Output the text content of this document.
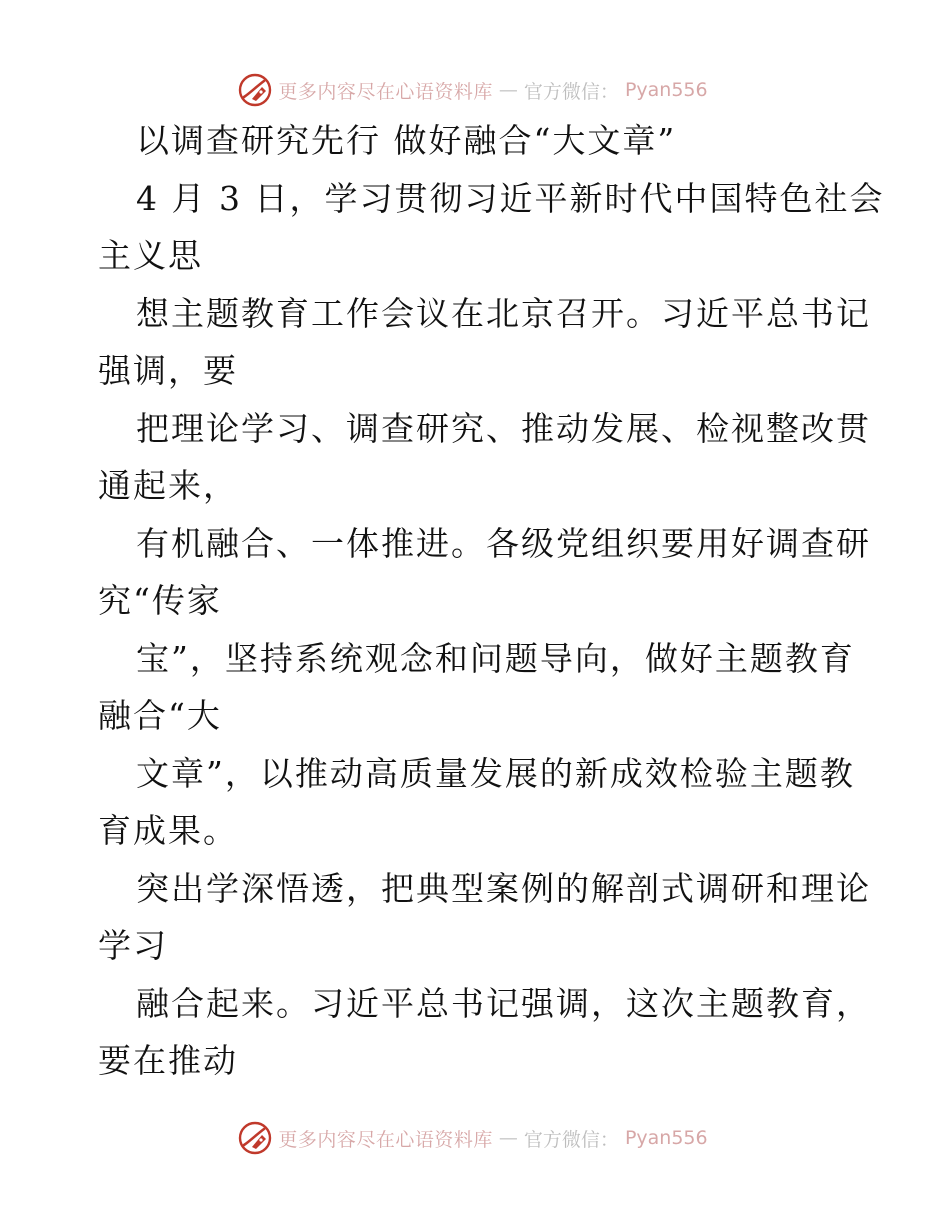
更多内容尽在心语资料库 — 官方微信： Pyan556
以调查研究先行 做好融合“大文章”
4 月 3 日，学习贯彻习近平新时代中国特色社会
主义思
想主题教育工作会议在北京召开。习近平总书记
强调，要
把理论学习、调查研究、推动发展、检视整改贯
通起来，
有机融合、一体推进。各级党组织要用好调查研
究“传家
宝”，坚持系统观念和问题导向，做好主题教育
融合“大
文章”，以推动高质量发展的新成效检验主题教
育成果。
突出学深悟透，把典型案例的解剖式调研和理论
学习
融合起来。习近平总书记强调，这次主题教育，
要在推动
更多内容尽在心语资料库 — 官方微信： Pyan556
